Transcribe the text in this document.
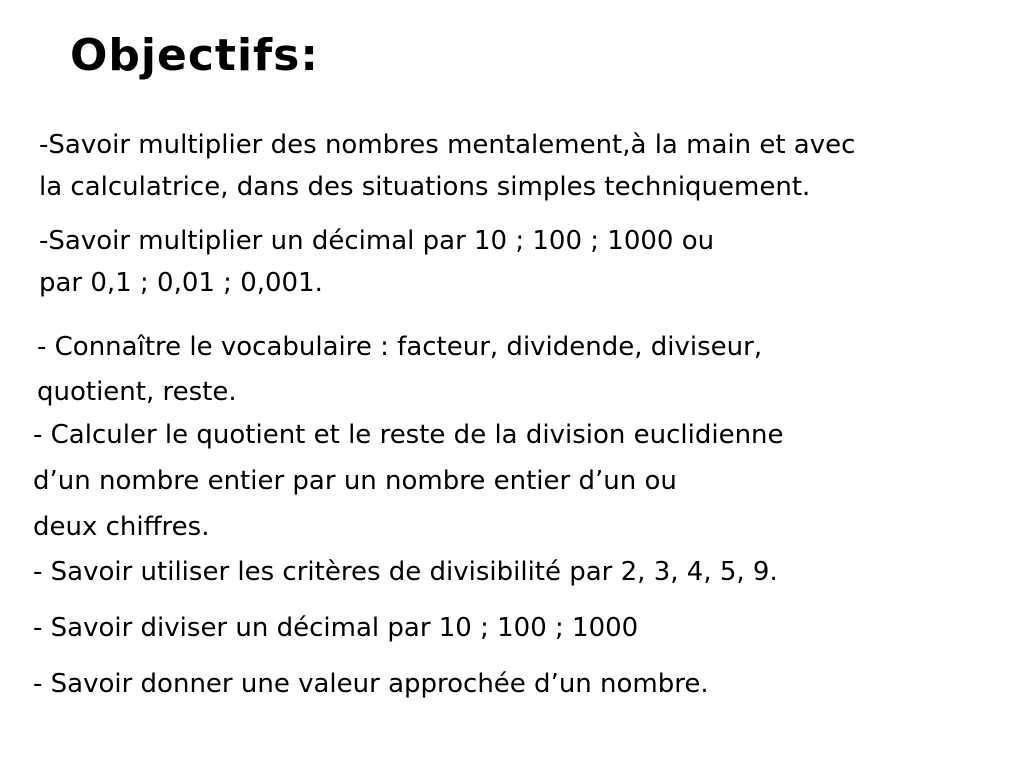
Objectifs:
-Savoir multiplier des nombres mentalement,à la main et avec
la calculatrice, dans des situations simples techniquement.
-Savoir multiplier un décimal par 10 ; 100 ; 1000 ou
par 0,1 ; 0,01 ; 0,001.
- Connaître le vocabulaire : facteur, dividende, diviseur,
quotient, reste.
- Calculer le quotient et le reste de la division euclidienne
d’un nombre entier par un nombre entier d’un ou
deux chiffres.
- Savoir utiliser les critères de divisibilité par 2, 3, 4, 5, 9.
- Savoir diviser un décimal par 10 ; 100 ; 1000
- Savoir donner une valeur approchée d’un nombre.
